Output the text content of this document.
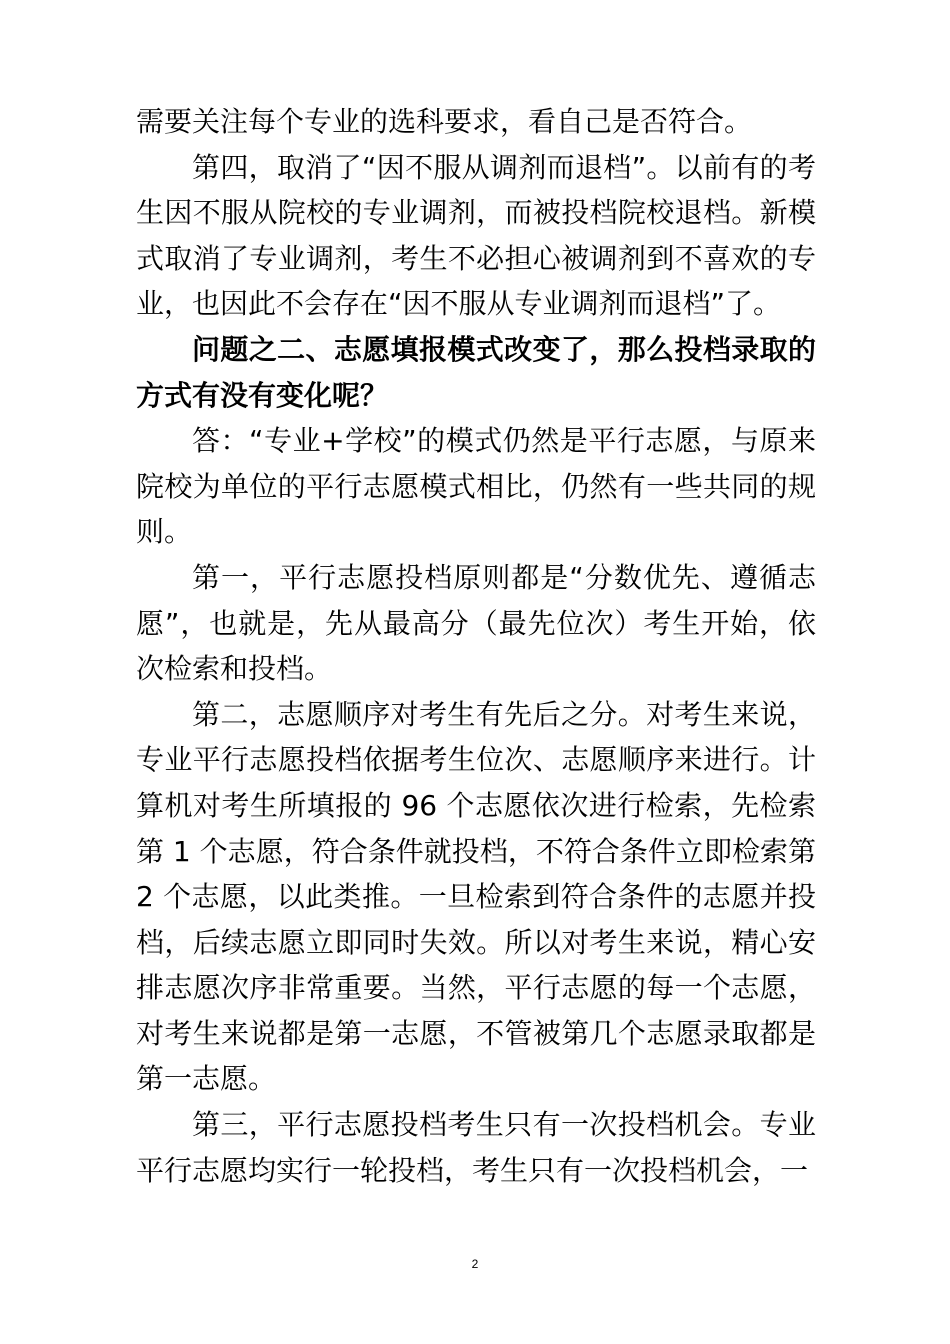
需要关注每个专业的选科要求，看自己是否符合。

第四，取消了“因不服从调剂而退档”。以前有的考生因不服从院校的专业调剂，而被投档院校退档。新模式取消了专业调剂，考生不必担心被调剂到不喜欢的专业，也因此不会存在“因不服从专业调剂而退档”了。

问题之二、志愿填报模式改变了，那么投档录取的方式有没有变化呢？

答：“专业+学校”的模式仍然是平行志愿，与原来院校为单位的平行志愿模式相比，仍然有一些共同的规则。

第一，平行志愿投档原则都是“分数优先、遵循志愿”，也就是，先从最高分（最先位次）考生开始，依次检索和投档。

第二，志愿顺序对考生有先后之分。对考生来说，专业平行志愿投档依据考生位次、志愿顺序来进行。计算机对考生所填报的 96 个志愿依次进行检索，先检索第 1 个志愿，符合条件就投档，不符合条件立即检索第 2 个志愿，以此类推。一旦检索到符合条件的志愿并投档，后续志愿立即同时失效。所以对考生来说，精心安排志愿次序非常重要。当然，平行志愿的每一个志愿，对考生来说都是第一志愿，不管被第几个志愿录取都是第一志愿。

第三，平行志愿投档考生只有一次投档机会。专业平行志愿均实行一轮投档，考生只有一次投档机会，一

2
